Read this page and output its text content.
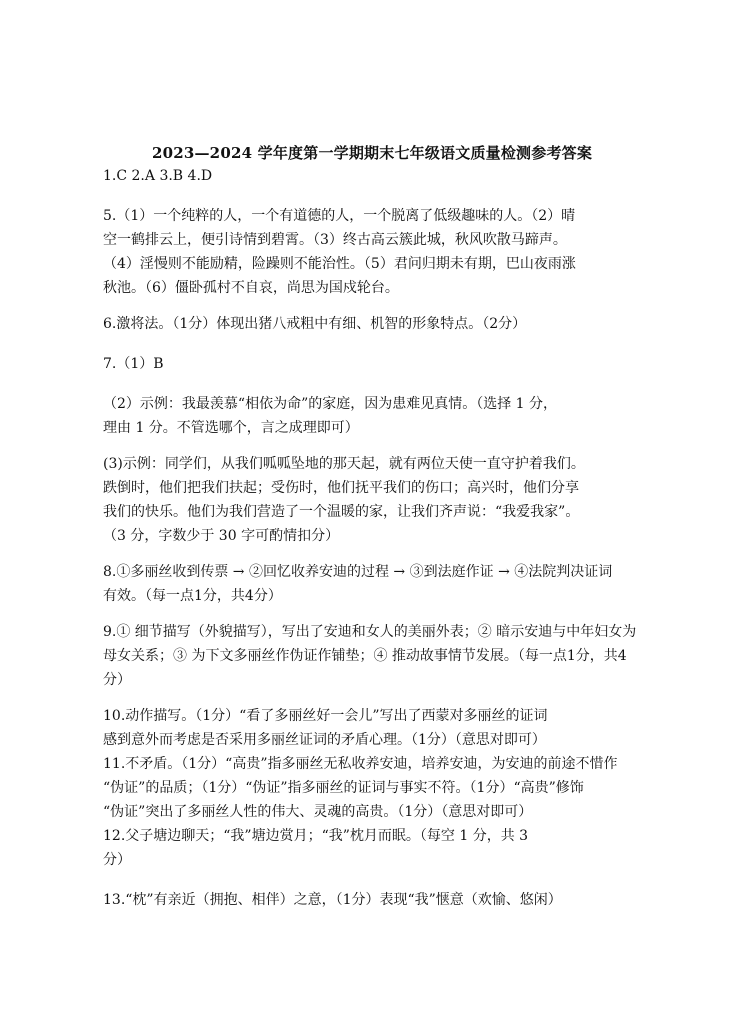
2023—2024 学年度第一学期期末七年级语文质量检测参考答案
1.C 2.A 3.B 4.D
5.（1）一个纯粹的人，一个有道德的人，一个脱离了低级趣味的人。（2）晴
空一鹤排云上，便引诗情到碧霄。（3）终古高云簇此城，秋风吹散马蹄声。
（4）淫慢则不能励精，险躁则不能治性。（5）君问归期未有期，巴山夜雨涨
秋池。（6）僵卧孤村不自哀，尚思为国戍轮台。
6.激将法。（1分）体现出猪八戒粗中有细、机智的形象特点。（2分）
7.（1）B
（2）示例：我最羡慕“相依为命”的家庭，因为患难见真情。（选择 1 分，
理由 1 分。不管选哪个，言之成理即可）
(3)示例：同学们，从我们呱呱坠地的那天起，就有两位天使一直守护着我们。
跌倒时，他们把我们扶起；受伤时，他们抚平我们的伤口；高兴时，他们分享
我们的快乐。他们为我们营造了一个温暖的家，让我们齐声说：“我爱我家”。
（3 分，字数少于 30 字可酌情扣分）
8.①多丽丝收到传票 → ②回忆收养安迪的过程 → ③到法庭作证 → ④法院判决证词
有效。（每一点1分，共4分）
9.① 细节描写（外貌描写），写出了安迪和女人的美丽外表；② 暗示安迪与中年妇女为
母女关系；③ 为下文多丽丝作伪证作铺垫；④ 推动故事情节发展。（每一点1分，共4
分）
10.动作描写。（1分）“看了多丽丝好一会儿”写出了西蒙对多丽丝的证词
感到意外而考虑是否采用多丽丝证词的矛盾心理。（1分）（意思对即可）
11.不矛盾。（1分）“高贵”指多丽丝无私收养安迪，培养安迪，为安迪的前途不惜作
“伪证”的品质；（1分）“伪证”指多丽丝的证词与事实不符。（1分）“高贵”修饰
“伪证”突出了多丽丝人性的伟大、灵魂的高贵。（1分）（意思对即可）
12.父子塘边聊天；“我”塘边赏月；“我”枕月而眠。（每空 1 分，共 3
分）
13.“枕”有亲近（拥抱、相伴）之意，（1分）表现“我”惬意（欢愉、悠闲）
